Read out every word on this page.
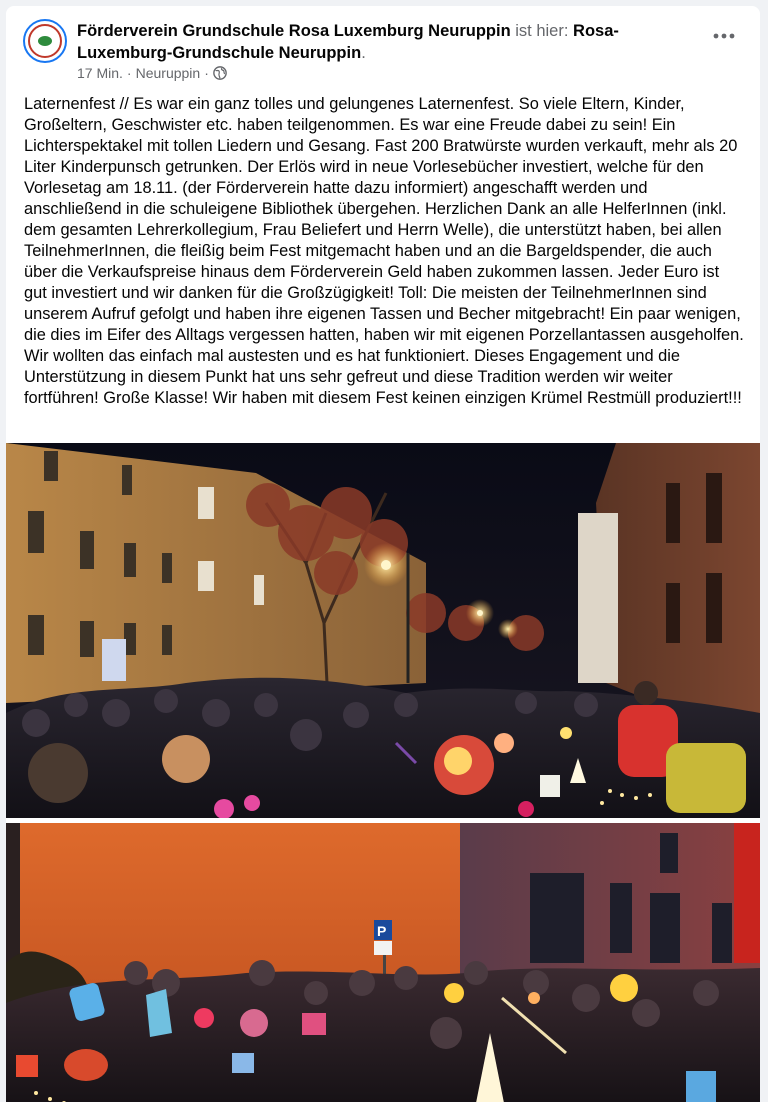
Förderverein Grundschule Rosa Luxemburg Neuruppin ist hier: Rosa- Luxemburg-Grundschule Neuruppin.
17 Min. · Neuruppin ·
Laternenfest // Es war ein ganz tolles und gelungenes Laternenfest. So viele Eltern, Kinder, Großeltern, Geschwister etc. haben teilgenommen. Es war eine Freude dabei zu sein! Ein Lichterspektakel mit tollen Liedern und Gesang. Fast 200 Bratwürste wurden verkauft, mehr als 20 Liter Kinderpunsch getrunken. Der Erlös wird in neue Vorlesebücher investiert, welche für den Vorlesetag am 18.11. (der Förderverein hatte dazu informiert) angeschafft werden und anschließend in die schuleigene Bibliothek übergehen. Herzlichen Dank an alle HelferInnen (inkl. dem gesamten Lehrerkollegium, Frau Beliefert und Herrn Welle), die unterstützt haben, bei allen TeilnehmerInnen, die fleißig beim Fest mitgemacht haben und an die Bargeldspender, die auch über die Verkaufspreise hinaus dem Förderverein Geld haben zukommen lassen. Jeder Euro ist gut investiert und wir danken für die Großzügigkeit! Toll: Die meisten der TeilnehmerInnen sind unserem Aufruf gefolgt und haben ihre eigenen Tassen und Becher mitgebracht! Ein paar wenigen, die dies im Eifer des Alltags vergessen hatten, haben wir mit eigenen Porzellantassen ausgeholfen. Wir wollten das einfach mal austesten und es hat funktioniert. Dieses Engagement und die Unterstützung in diesem Punkt hat uns sehr gefreut und diese Tradition werden wir weiter fortführen! Große Klasse! Wir haben mit diesem Fest keinen einzigen Krümel Restmüll produziert!!!
P
